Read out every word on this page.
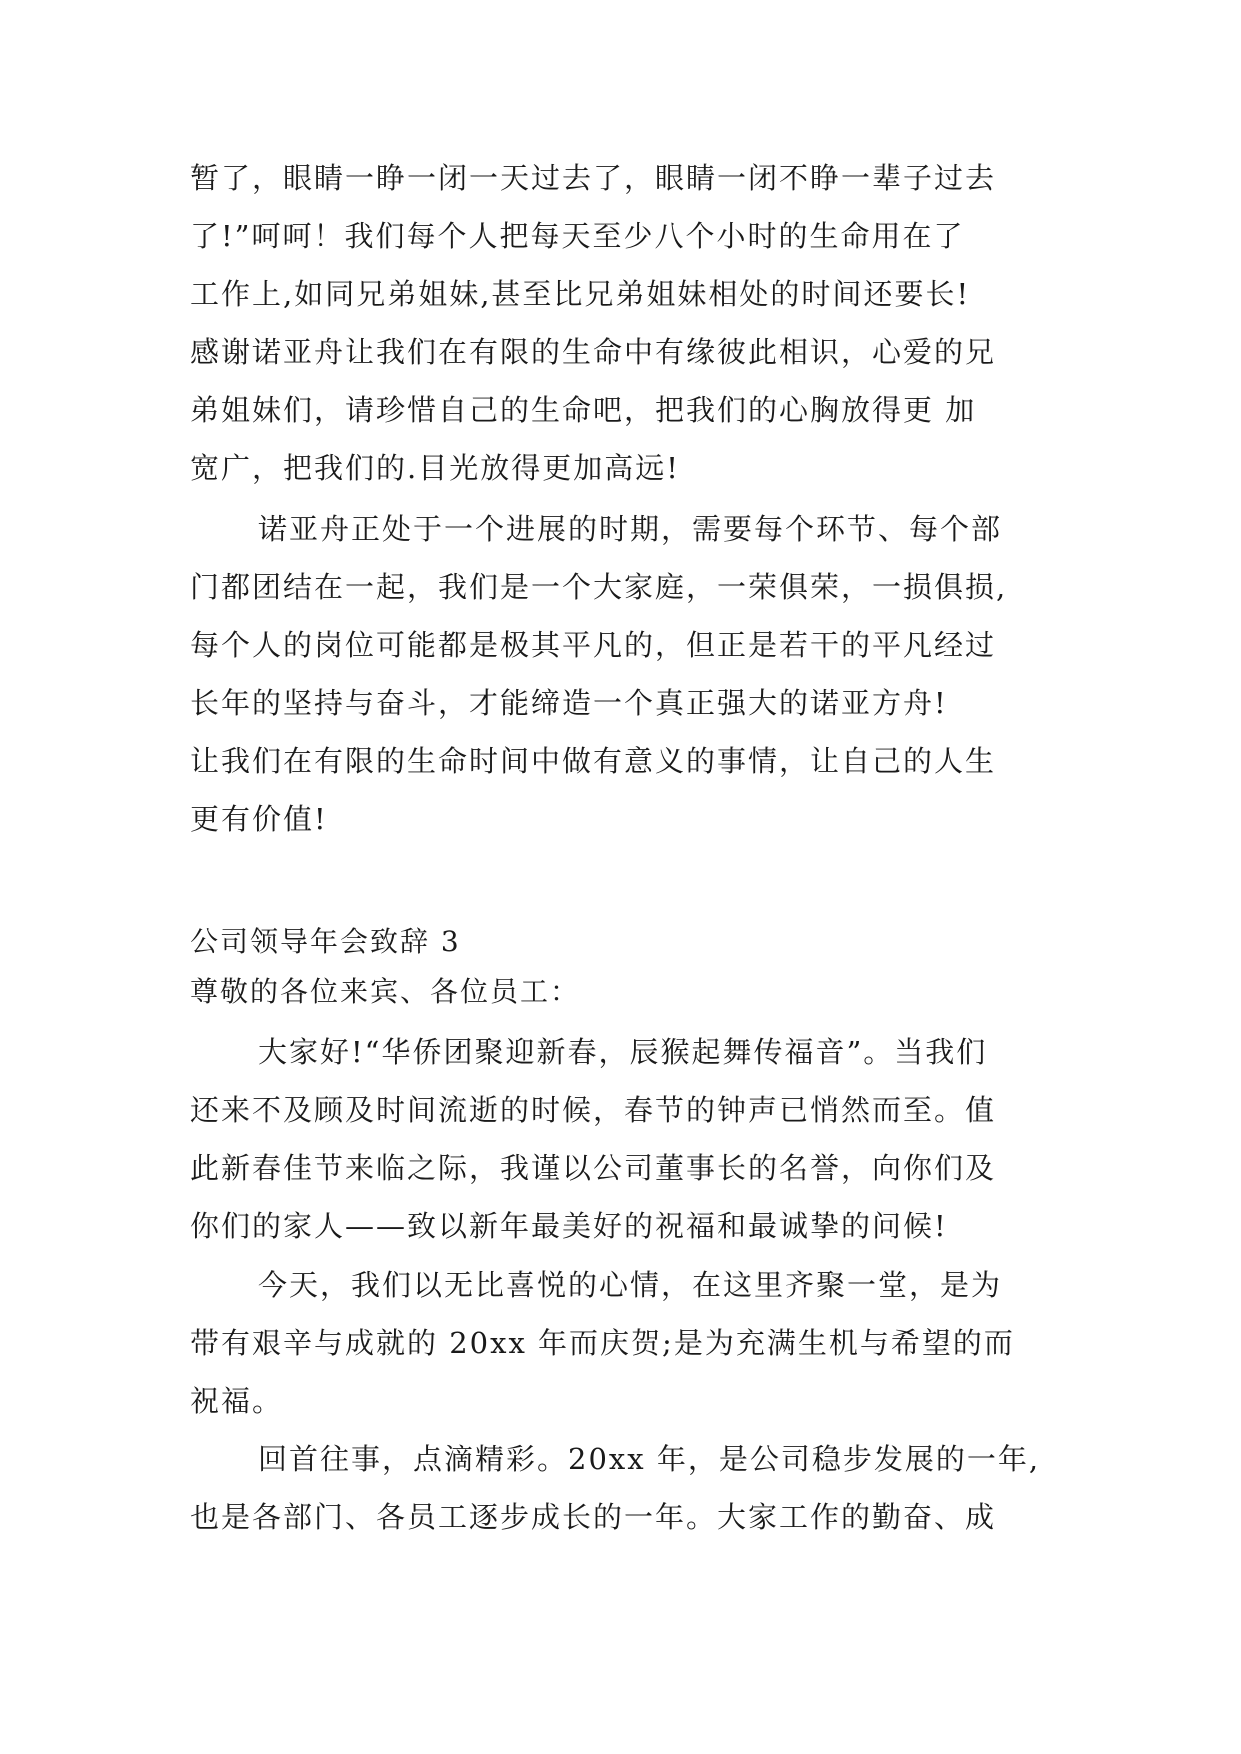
暂了，眼睛一睁一闭一天过去了，眼睛一闭不睁一辈子过去
了!”呵呵！我们每个人把每天至少八个小时的生命用在了
工作上,如同兄弟姐妹,甚至比兄弟姐妹相处的时间还要长!
感谢诺亚舟让我们在有限的生命中有缘彼此相识，心爱的兄
弟姐妹们，请珍惜自己的生命吧，把我们的心胸放得更 加
宽广，把我们的.目光放得更加高远!
诺亚舟正处于一个进展的时期，需要每个环节、每个部
门都团结在一起，我们是一个大家庭，一荣俱荣，一损俱损,
每个人的岗位可能都是极其平凡的，但正是若干的平凡经过
长年的坚持与奋斗，才能缔造一个真正强大的诺亚方舟!
让我们在有限的生命时间中做有意义的事情，让自己的人生
更有价值!
公司领导年会致辞 3
尊敬的各位来宾、各位员工：
大家好!“华侨团聚迎新春，辰猴起舞传福音”。当我们
还来不及顾及时间流逝的时候，春节的钟声已悄然而至。值
此新春佳节来临之际，我谨以公司董事长的名誉，向你们及
你们的家人——致以新年最美好的祝福和最诚挚的问候!
今天，我们以无比喜悦的心情，在这里齐聚一堂，是为
带有艰辛与成就的 20xx 年而庆贺;是为充满生机与希望的而
祝福。
回首往事，点滴精彩。20xx 年，是公司稳步发展的一年,
也是各部门、各员工逐步成长的一年。大家工作的勤奋、成
